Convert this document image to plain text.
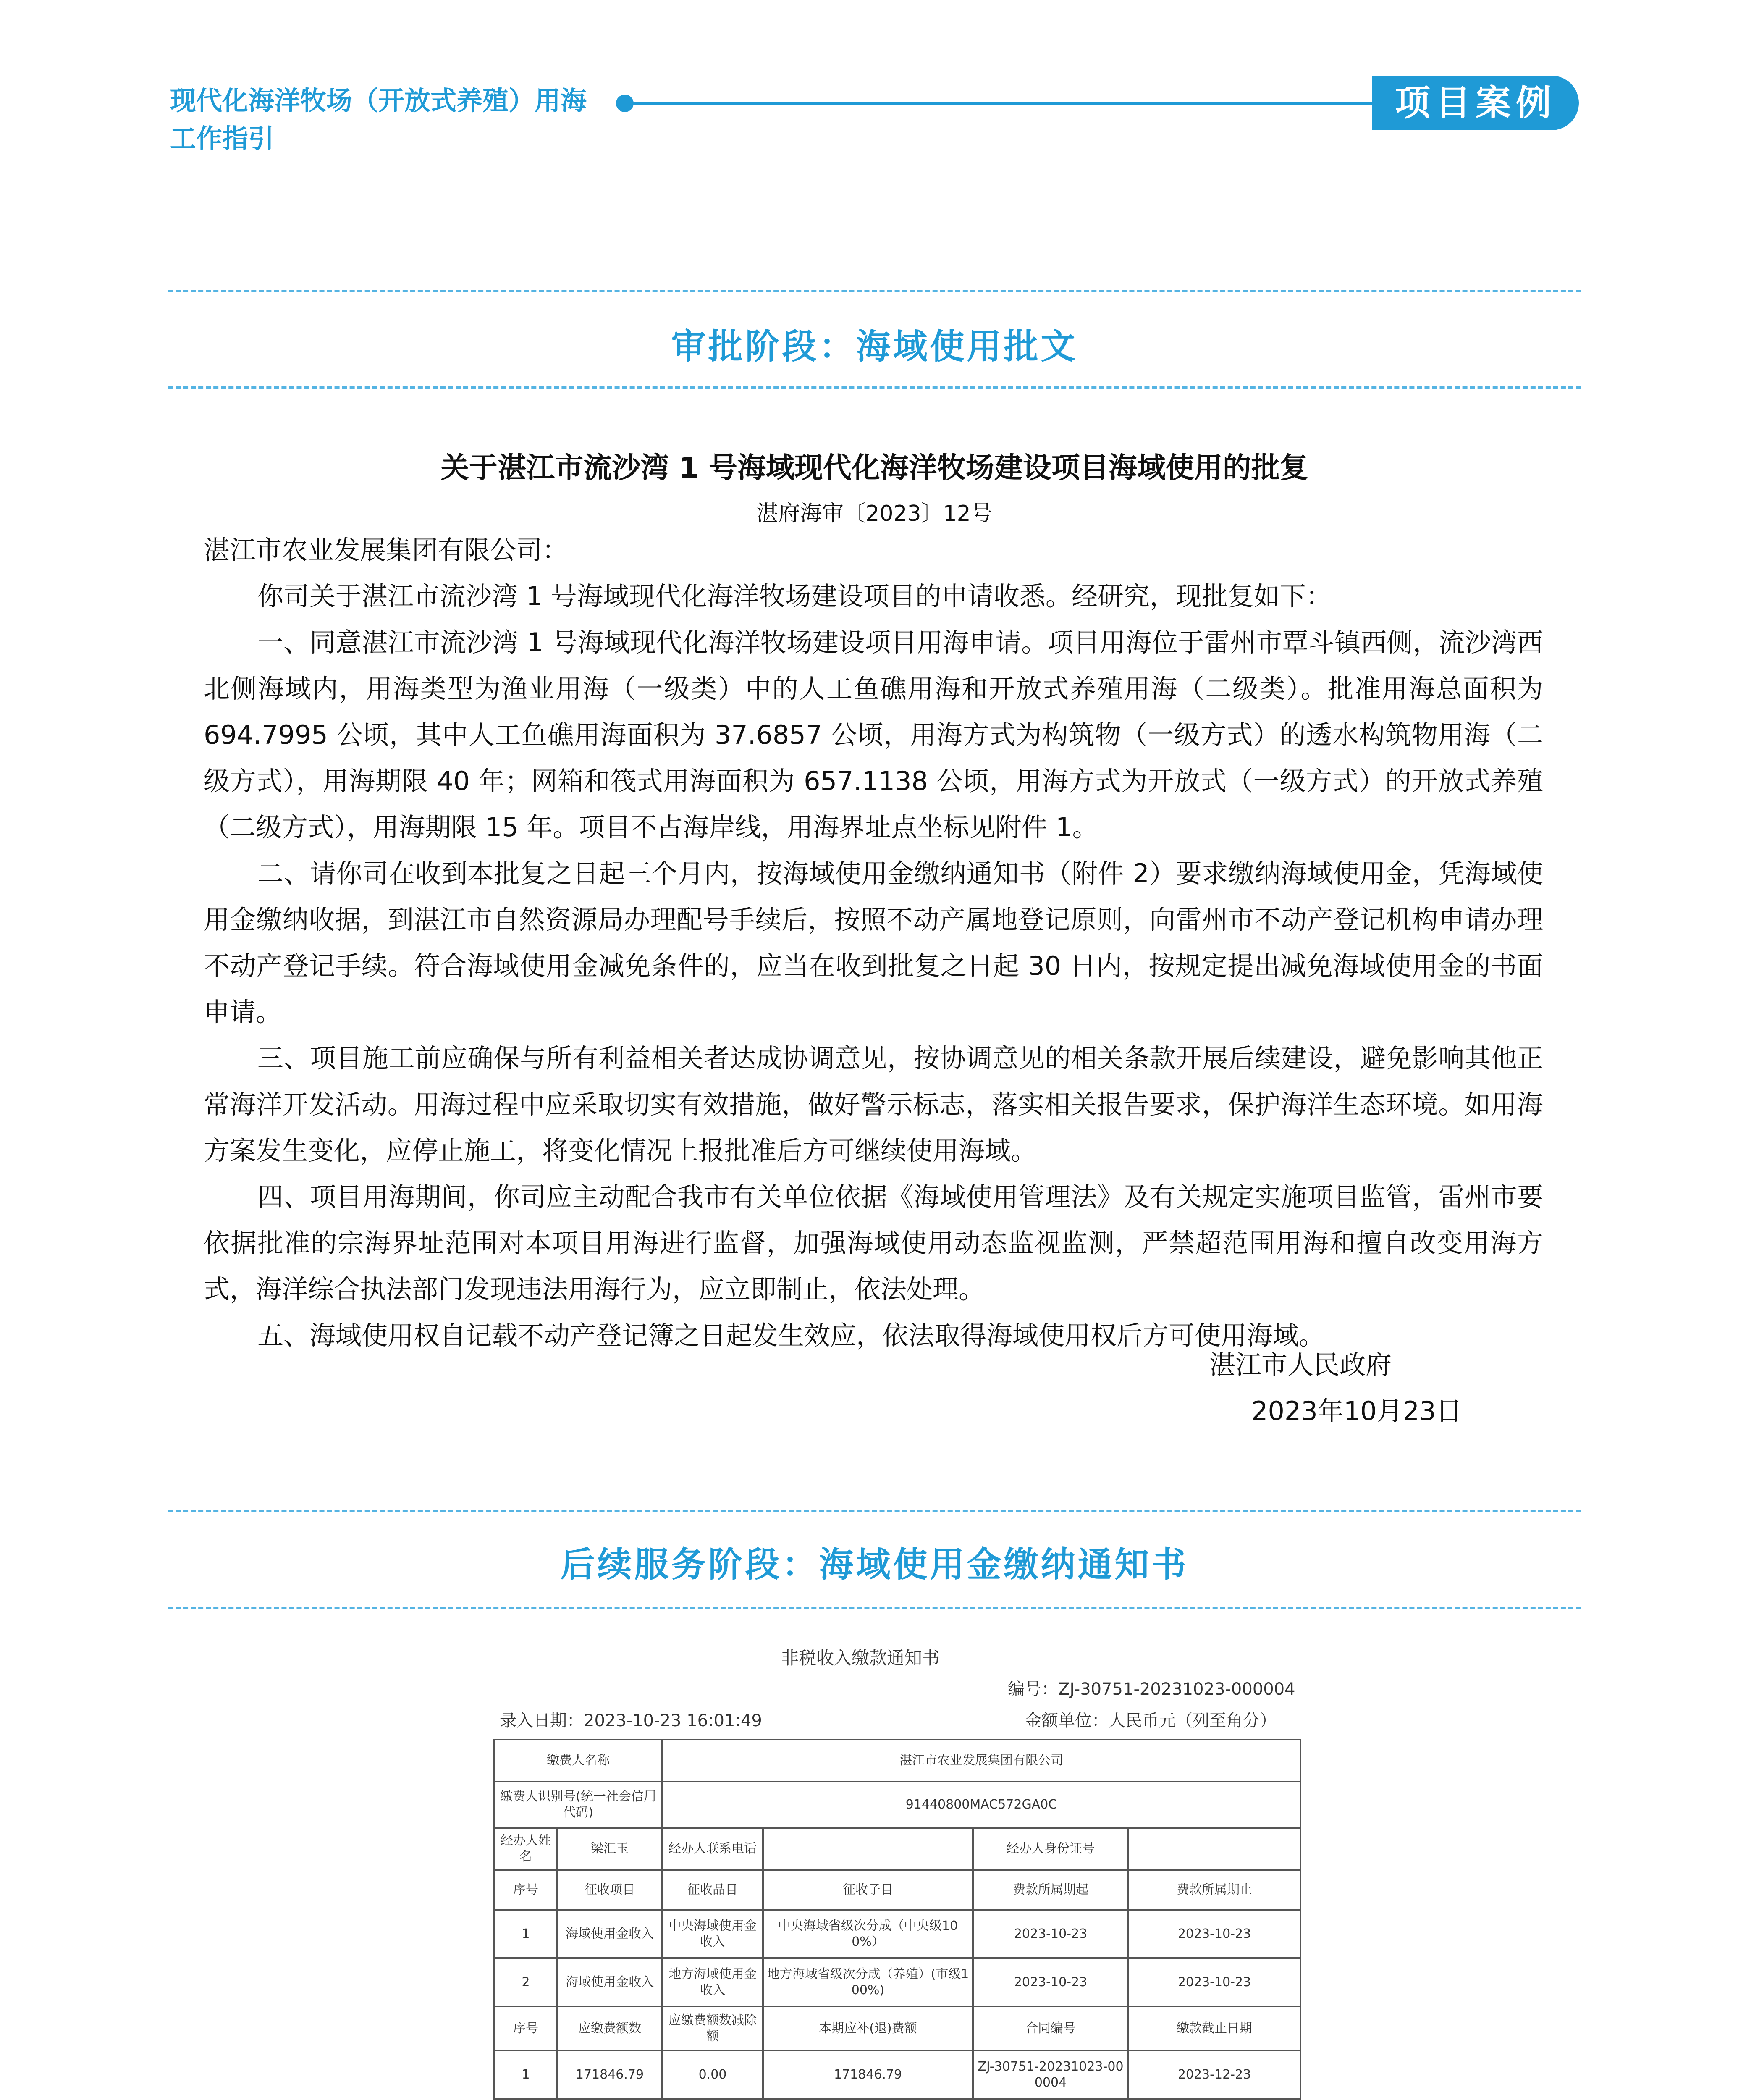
现代化海洋牧场（开放式养殖）用海
工作指引
项目案例
审批阶段：海域使用批文
关于湛江市流沙湾 1 号海域现代化海洋牧场建设项目海域使用的批复
湛府海审〔2023〕12号

湛江市农业发展集团有限公司：

你司关于湛江市流沙湾 1 号海域现代化海洋牧场建设项目的申请收悉。经研究，现批复如下：

一、同意湛江市流沙湾 1 号海域现代化海洋牧场建设项目用海申请。项目用海位于雷州市覃斗镇西侧，流沙湾西北侧海域内，用海类型为渔业用海（一级类）中的人工鱼礁用海和开放式养殖用海（二级类）。批准用海总面积为 694.7995 公顷，其中人工鱼礁用海面积为 37.6857 公顷，用海方式为构筑物（一级方式）的透水构筑物用海（二级方式），用海期限 40 年；网箱和筏式用海面积为 657.1138 公顷，用海方式为开放式（一级方式）的开放式养殖（二级方式），用海期限 15 年。项目不占海岸线，用海界址点坐标见附件 1。

二、请你司在收到本批复之日起三个月内，按海域使用金缴纳通知书（附件 2）要求缴纳海域使用金，凭海域使用金缴纳收据，到湛江市自然资源局办理配号手续后，按照不动产属地登记原则，向雷州市不动产登记机构申请办理不动产登记手续。符合海域使用金减免条件的，应当在收到批复之日起 30 日内，按规定提出减免海域使用金的书面申请。

三、项目施工前应确保与所有利益相关者达成协调意见，按协调意见的相关条款开展后续建设，避免影响其他正常海洋开发活动。用海过程中应采取切实有效措施，做好警示标志，落实相关报告要求，保护海洋生态环境。如用海方案发生变化，应停止施工，将变化情况上报批准后方可继续使用海域。

四、项目用海期间，你司应主动配合我市有关单位依据《海域使用管理法》及有关规定实施项目监管，雷州市要依据批准的宗海界址范围对本项目用海进行监督，加强海域使用动态监视监测，严禁超范围用海和擅自改变用海方式，海洋综合执法部门发现违法用海行为，应立即制止，依法处理。

五、海域使用权自记载不动产登记簿之日起发生效应，依法取得海域使用权后方可使用海域。

湛江市人民政府
2023年10月23日
后续服务阶段：海域使用金缴纳通知书
非税收入缴款通知书
编号：ZJ-30751-20231023-000004
录入日期：2023-10-23 16:01:49	金额单位：人民币元（列至角分）
缴费人名称		湛江市农业发展集团有限公司			
缴费人识别号(统一社会信用代码)		91440800MAC572GA0C			
经办人姓名	梁汇玉	经办人联系电话		经办人身份证号	
序号	征收项目	征收品目	征收子目	费款所属期起	费款所属期止
1	海域使用金收入	中央海域使用金收入	中央海域省级次分成（中央级100%）	2023-10-23	2023-10-23
2	海域使用金收入	地方海域使用金收入	地方海域省级次分成（养殖）(市级100%)	2023-10-23	2023-10-23
序号	应缴费额数	应缴费额数减除额	本期应补(退)费额	合同编号	缴款截止日期
1	171846.79	0.00	171846.79	ZJ-30751-20231023-000004	2023-12-23
